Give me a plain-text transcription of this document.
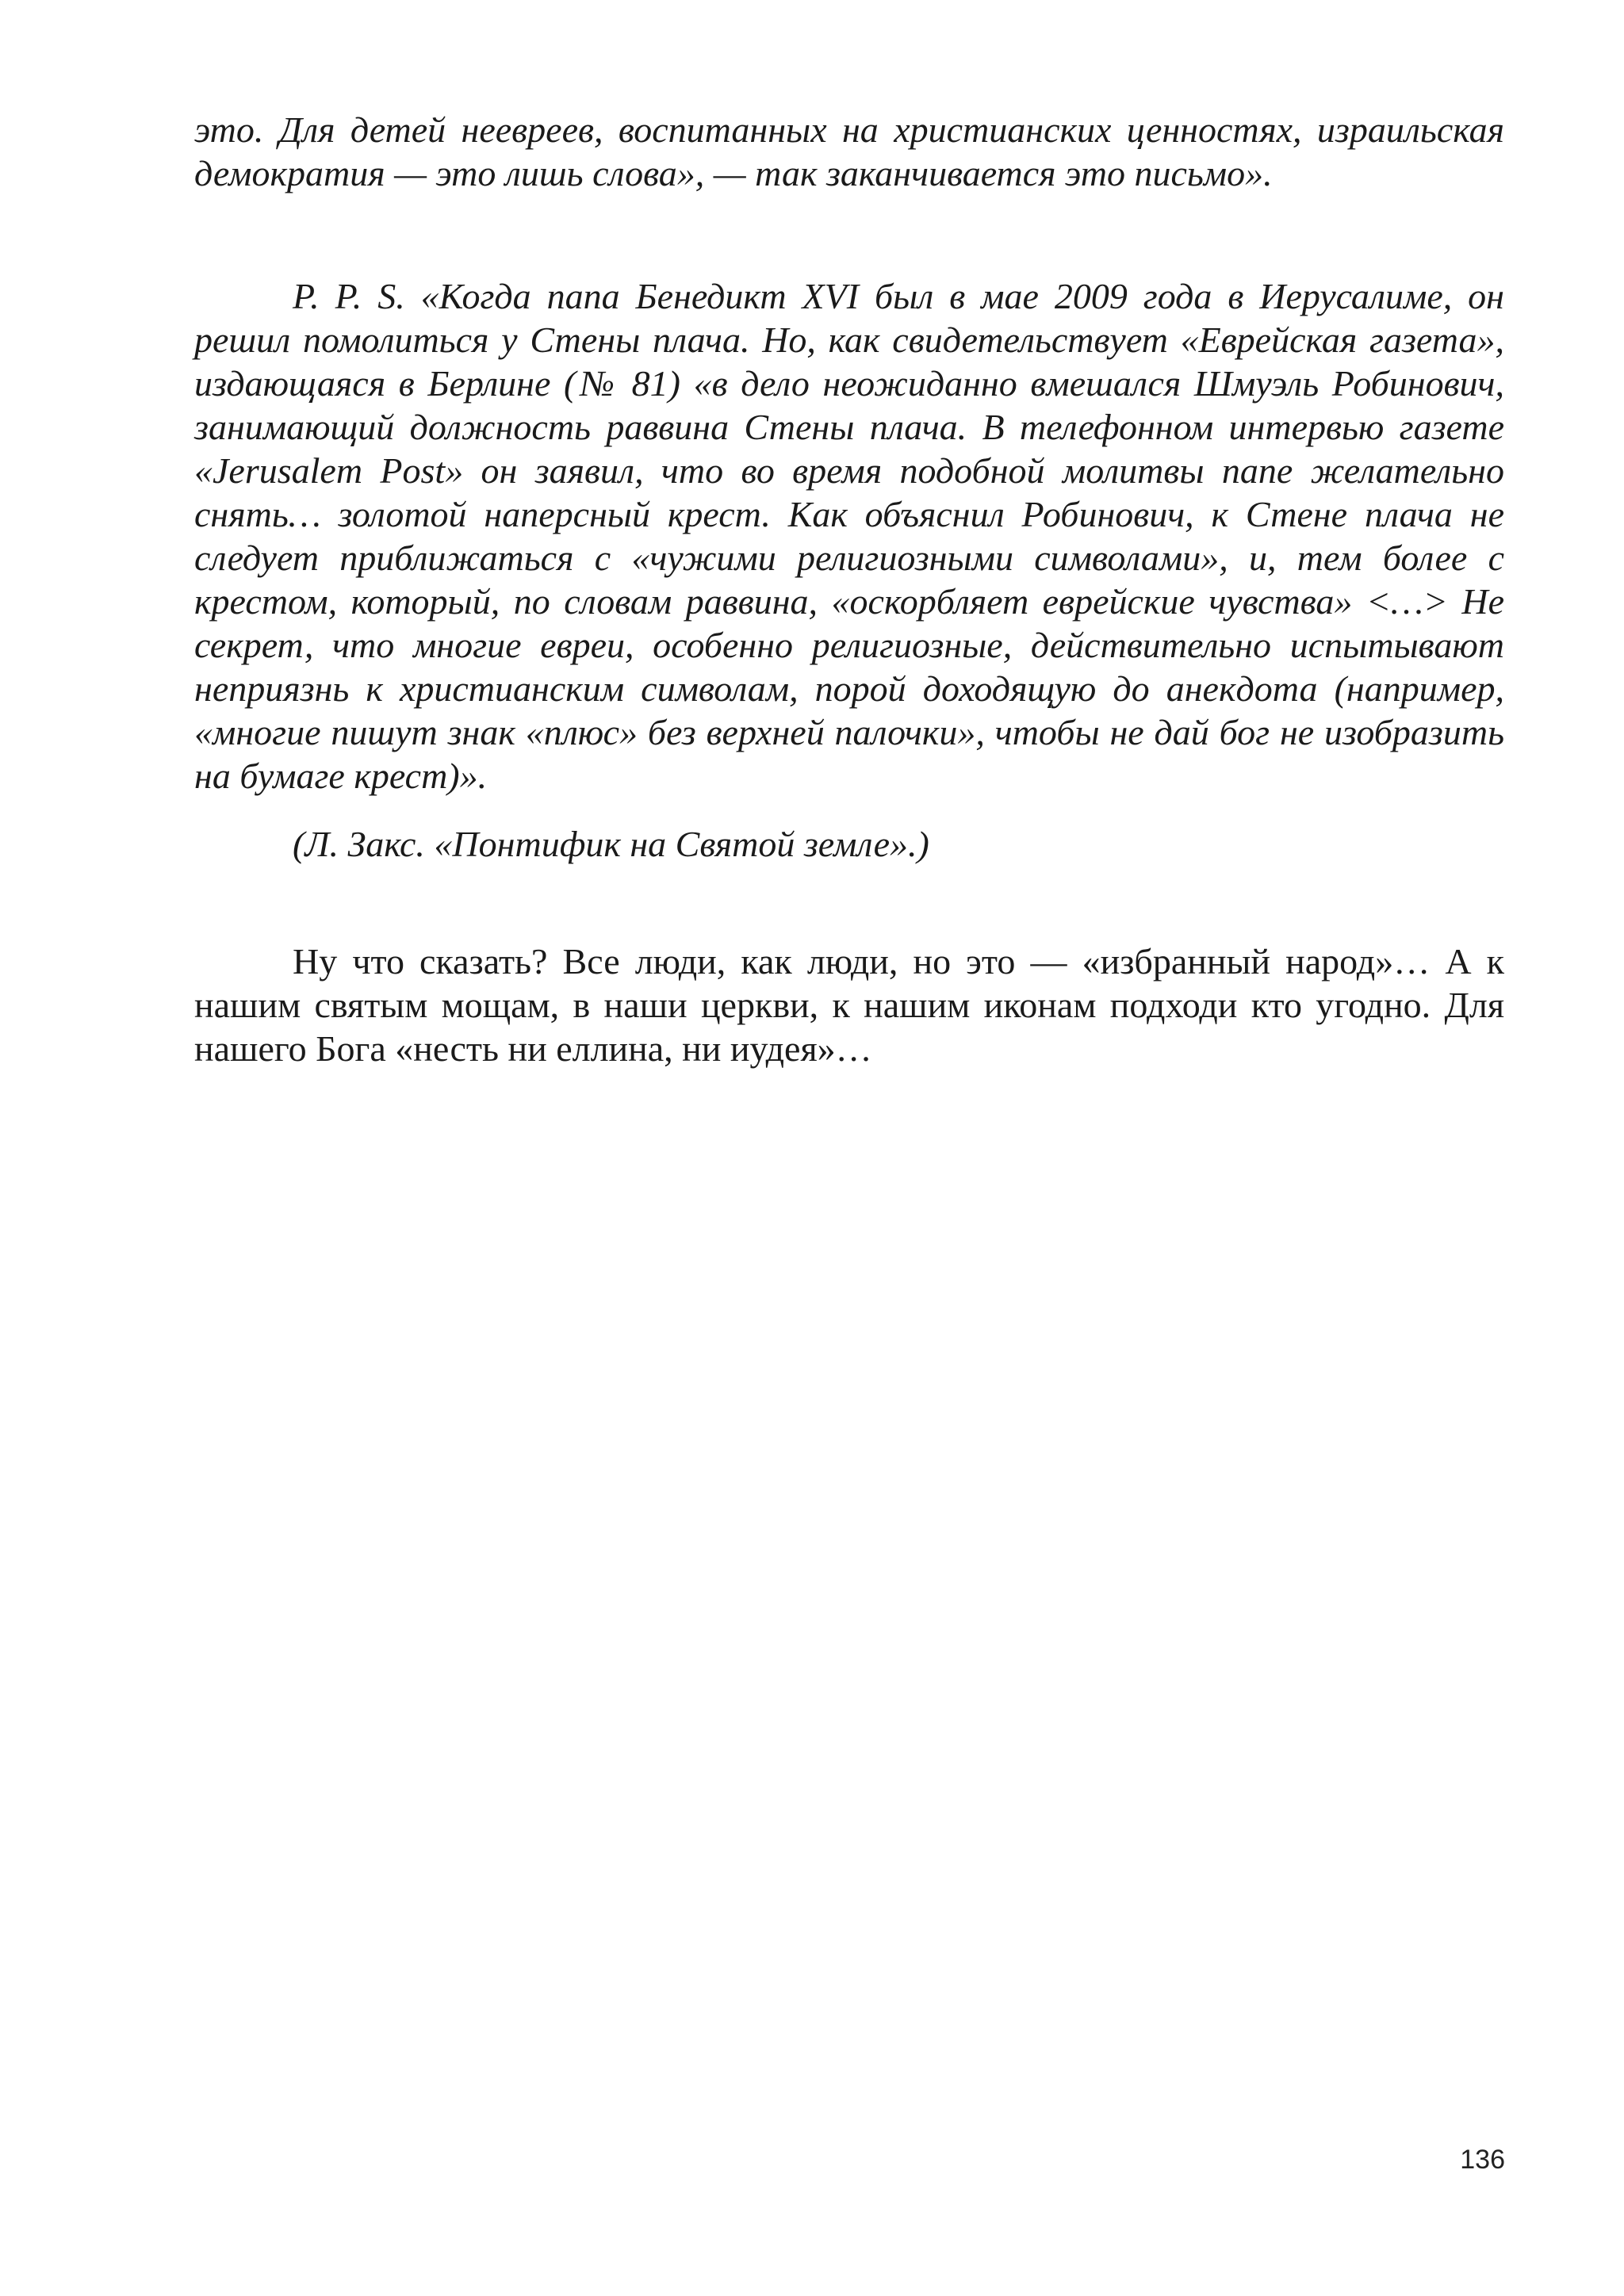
это. Для детей неевреев, воспитанных на христианских ценностях, израильская демократия — это лишь слова», — так заканчивается это письмо».

P. P. S. «Когда папа Бенедикт XVI был в мае 2009 года в Иерусалиме, он решил помолиться у Стены плача. Но, как свидетельствует «Еврейская газета», издающаяся в Берлине (№ 81) «в дело неожиданно вмешался Шмуэль Робинович, занимающий должность раввина Стены плача. В телефонном интервью газете «Jerusalem Post» он заявил, что во время подобной молитвы папе желательно снять… золотой наперсный крест. Как объяснил Робинович, к Стене плача не следует приближаться с «чужими религиозными символами», и, тем более с крестом, который, по словам раввина, «оскорбляет еврейские чувства» <…> Не секрет, что многие евреи, особенно религиозные, действительно испытывают неприязнь к христианским символам, порой доходящую до анекдота (например, «многие пишут знак «плюс» без верхней палочки», чтобы не дай бог не изобразить на бумаге крест)».

(Л. Закс. «Понтифик на Святой земле».)

Ну что сказать? Все люди, как люди, но это — «избранный народ»… А к нашим святым мощам, в наши церкви, к нашим иконам подходи кто угодно. Для нашего Бога «несть ни еллина, ни иудея»…

136
